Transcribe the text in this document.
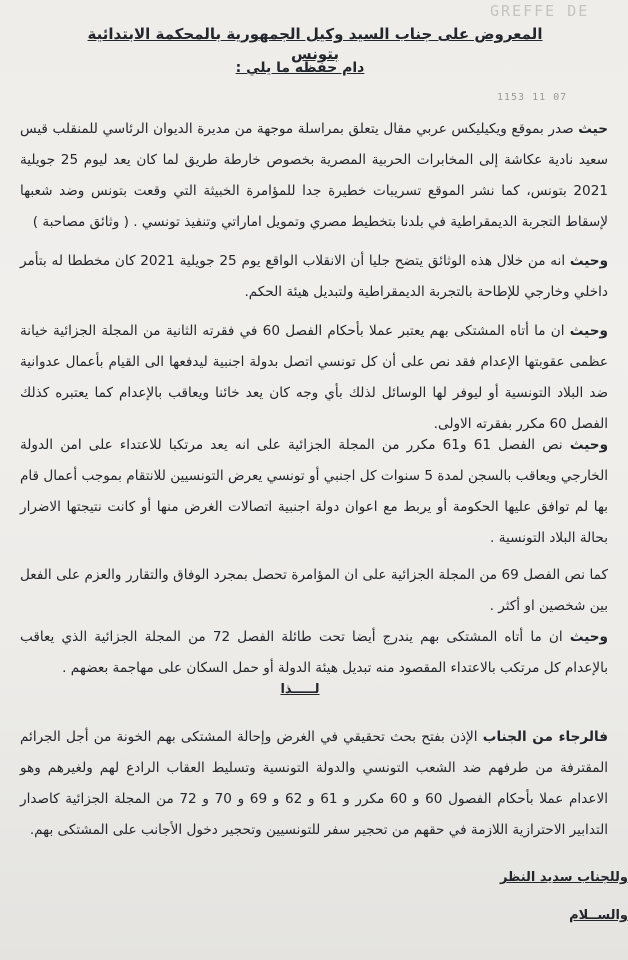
GREFFE DE
1153 11 07
المعروض على جناب السيد وكيل الجمهورية بالمحكمة الابتدائية بتونس
دام حفظه ما يلي :
حيث صدر بموقع ويكيليكس عربي مقال يتعلق بمراسلة موجهة من مديرة الديوان الرئاسي للمنقلب قيس سعيد نادية عكاشة إلى المخابرات الحربية المصرية بخصوص خارطة طريق لما كان يعد ليوم 25 جويلية 2021 بتونس، كما نشر الموقع تسريبات خطيرة جدا للمؤامرة الخبيثة التي وقعت بتونس وضد شعبها لإسقاط التجربة الديمقراطية في بلدنا بتخطيط مصري وتمويل اماراتي وتنفيذ تونسي . ( وثائق مصاحبة )
وحيث انه من خلال هذه الوثائق يتضح جليا أن الانقلاب الواقع يوم 25 جويلية 2021 كان مخططا له بتأمر داخلي وخارجي للإطاحة بالتجربة الديمقراطية ولتبديل هيئة الحكم.
وحيث ان ما أتاه المشتكى بهم يعتبر عملا بأحكام الفصل 60 في فقرته الثانية من المجلة الجزائية خيانة عظمى عقوبتها الإعدام فقد نص على أن كل تونسي اتصل بدولة اجنبية ليدفعها الى القيام بأعمال عدوانية ضد البلاد التونسية أو ليوفر لها الوسائل لذلك بأي وجه كان يعد خائنا ويعاقب بالإعدام كما يعتبره كذلك الفصل 60 مكرر بفقرته الاولى.
وحيث نص الفصل 61 و61 مكرر من المجلة الجزائية على انه يعد مرتكبا للاعتداء على امن الدولة الخارجي ويعاقب بالسجن لمدة 5 سنوات كل اجنبي أو تونسي يعرض التونسيين للانتقام بموجب أعمال قام بها لم توافق عليها الحكومة أو يربط مع اعوان دولة اجنبية اتصالات الغرض منها أو كانت نتيجتها الاضرار بحالة البلاد التونسية .
كما نص الفصل 69 من المجلة الجزائية على ان المؤامرة تحصل بمجرد الوفاق والتقارر والعزم على الفعل بين شخصين او أكثر .
وحيث ان ما أتاه المشتكى بهم يندرج أيضا تحت طائلة الفصل 72 من المجلة الجزائية الذي يعاقب بالإعدام كل مرتكب بالاعتداء المقصود منه تبديل هيئة الدولة أو حمل السكان على مهاجمة بعضهم .
لـــــذا
فالرجاء من الجناب الإذن بفتح بحث تحقيقي في الغرض وإحالة المشتكى بهم الخونة من أجل الجرائم المقترفة من طرفهم ضد الشعب التونسي والدولة التونسية وتسليط العقاب الرادع لهم ولغيرهم وهو الاعدام عملا بأحكام الفصول 60 و 60 مكرر و 61 و 62 و 69 و 70 و 72 من المجلة الجزائية كاصدار التدابير الاحترازية اللازمة في حقهم من تحجير سفر للتونسيين وتحجير دخول الأجانب على المشتكى بهم.
وللجناب سديد النظر
والســلام
